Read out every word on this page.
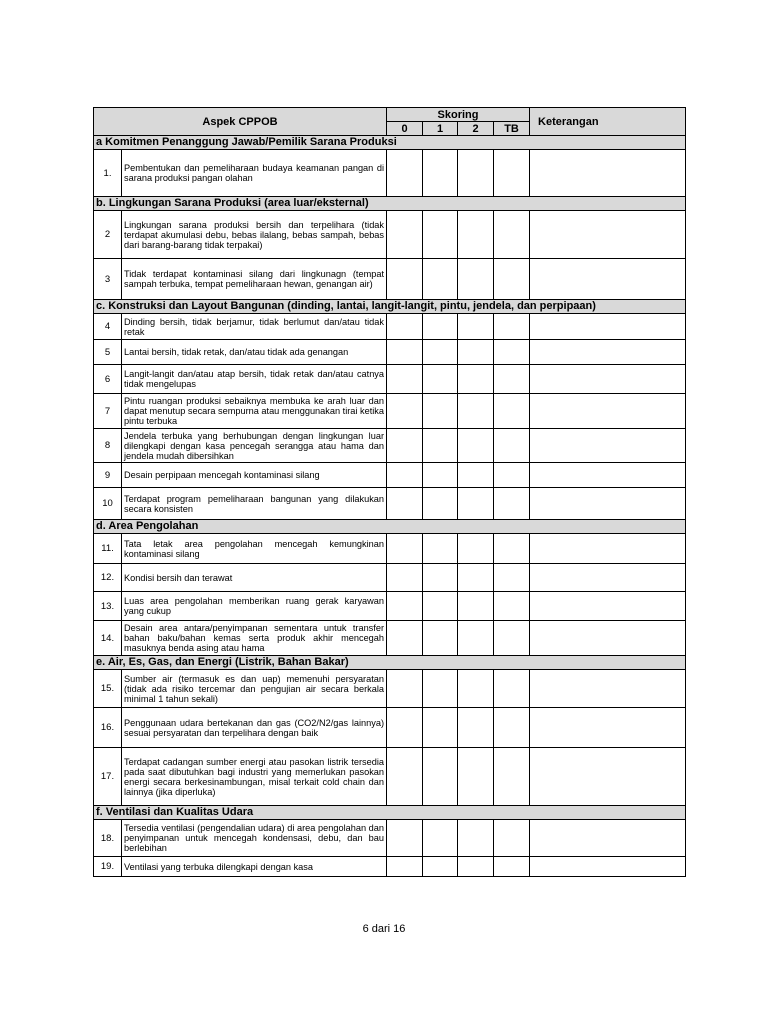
Aspek CPPOB		Skoring				Keterangan
		0	1	2	TB	
a Komitmen Penanggung Jawab/Pemilik Sarana Produksi						
1.	Pembentukan dan pemeliharaan budaya keamanan pangan di sarana produksi pangan olahan					
b. Lingkungan Sarana Produksi (area luar/eksternal)						
2	Lingkungan sarana produksi bersih dan terpelihara (tidak terdapat akumulasi debu, bebas ilalang, bebas sampah, bebas dari barang-barang tidak terpakai)					
3	Tidak terdapat kontaminasi silang dari lingkunagn (tempat sampah terbuka, tempat pemeliharaan hewan, genangan air)					
c. Konstruksi dan Layout Bangunan (dinding, lantai, langit-langit, pintu, jendela, dan perpipaan)						
4	Dinding bersih, tidak berjamur, tidak berlumut dan/atau tidak retak					
5	Lantai bersih, tidak retak, dan/atau tidak ada genangan					
6	Langit-langit dan/atau atap bersih, tidak retak dan/atau catnya tidak mengelupas					
7	Pintu ruangan produksi sebaiknya membuka ke arah luar dan dapat menutup secara sempurna atau menggunakan tirai ketika pintu terbuka					
8	Jendela terbuka yang berhubungan dengan lingkungan luar dilengkapi dengan kasa pencegah serangga atau hama dan jendela mudah dibersihkan					
9	Desain perpipaan mencegah kontaminasi silang					
10	Terdapat program pemeliharaan bangunan yang dilakukan secara konsisten					
d. Area Pengolahan						
11.	Tata letak area pengolahan mencegah kemungkinan kontaminasi silang					
12.	Kondisi bersih dan terawat					
13.	Luas area pengolahan memberikan ruang gerak karyawan yang cukup					
14.	Desain area antara/penyimpanan sementara untuk transfer bahan baku/bahan kemas serta produk akhir mencegah masuknya benda asing atau hama					
e. Air, Es, Gas, dan Energi (Listrik, Bahan Bakar)						
15.	Sumber air (termasuk es dan uap) memenuhi persyaratan (tidak ada risiko tercemar dan pengujian air secara berkala minimal 1 tahun sekali)					
16.	Penggunaan udara bertekanan dan gas (CO2/N2/gas lainnya) sesuai persyaratan dan terpelihara dengan baik					
17.	Terdapat cadangan sumber energi atau pasokan listrik tersedia pada saat dibutuhkan bagi industri yang memerlukan pasokan energi secara berkesinambungan, misal terkait cold chain dan lainnya (jika diperluka)					
f. Ventilasi dan Kualitas Udara						
18.	Tersedia ventilasi (pengendalian udara) di area pengolahan dan penyimpanan untuk mencegah kondensasi, debu, dan bau berlebihan					
19.	Ventilasi yang terbuka dilengkapi dengan kasa					
6 dari 16
